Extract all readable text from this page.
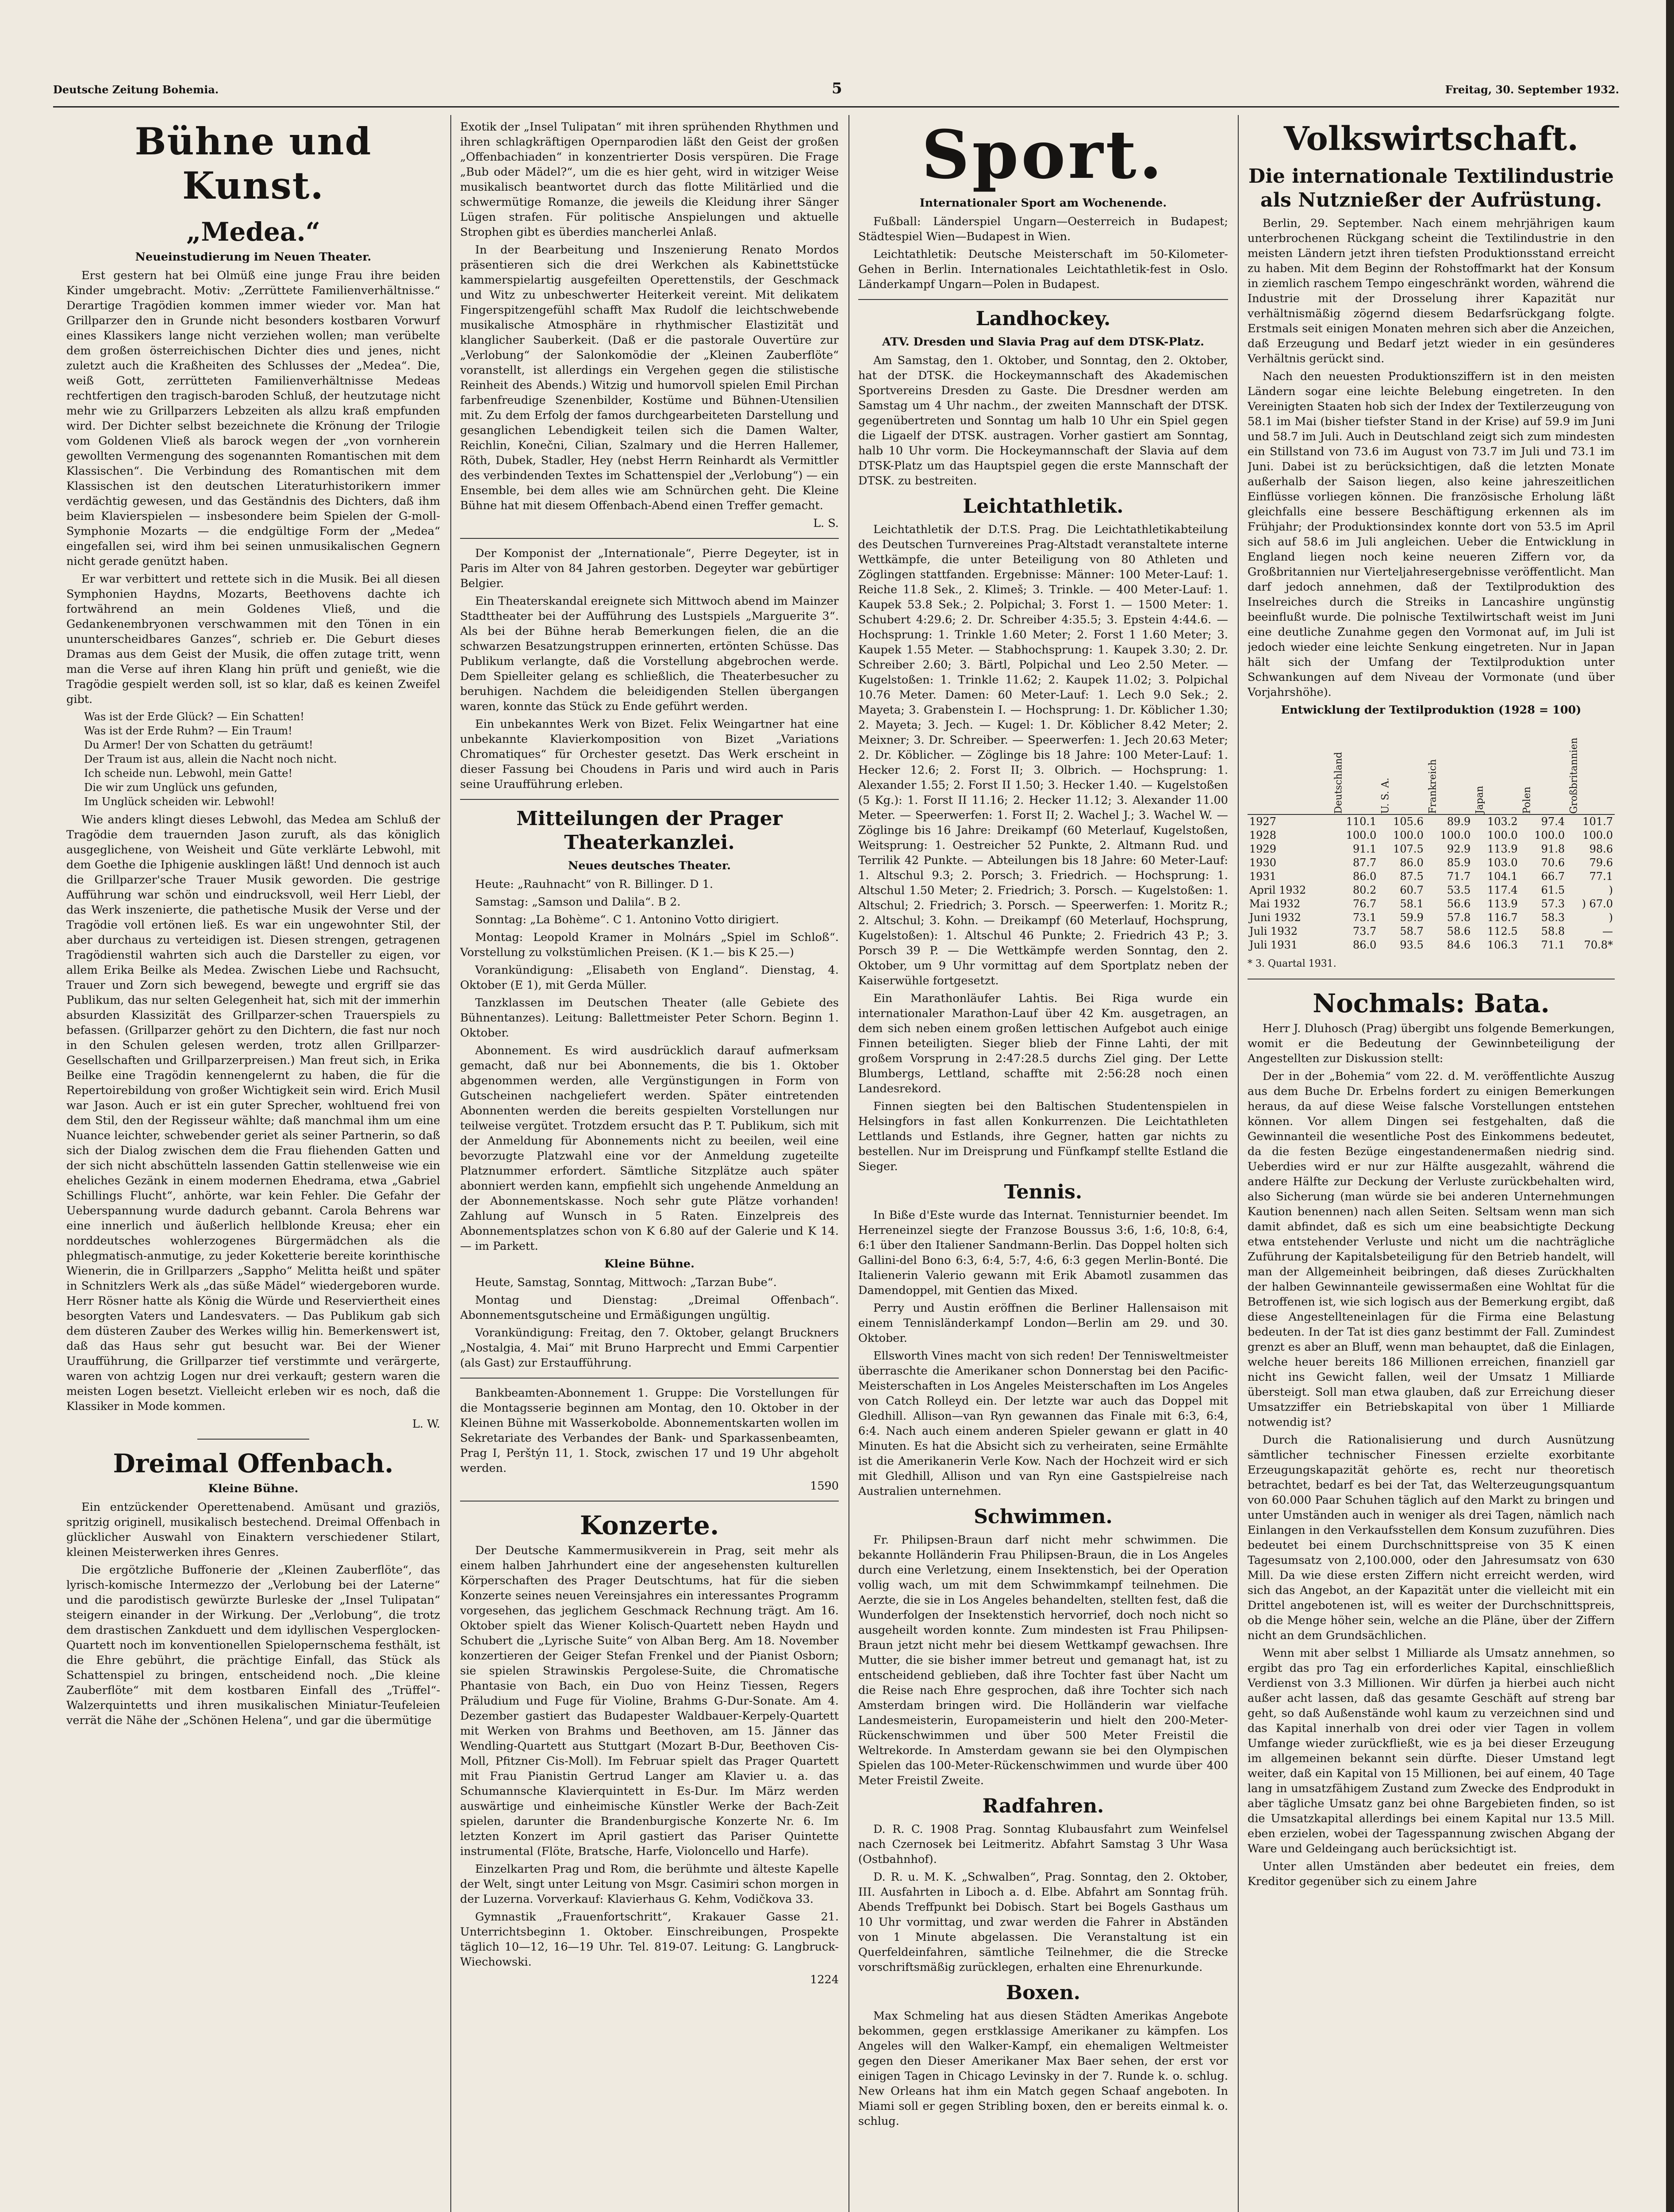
Deutsche Zeitung Bohemia.	5	Freitag, 30. September 1932.
Bühne und Kunst.
„Medea.“
Neueinstudierung im Neuen Theater.

Erst gestern hat bei Olmüß eine junge Frau ihre beiden Kinder umgebracht. Motiv: „Zerrüttete Familienverhältnisse.“ Derartige Tragödien kommen immer wieder vor. Man hat Grillparzer den in Grunde nicht besonders kostbaren Vorwurf eines Klassikers lange nicht verziehen wollen; man verübelte dem großen österreichischen Dichter dies und jenes, nicht zuletzt auch die Kraßheiten des Schlusses der „Medea“. Die, weiß Gott, zerrütteten Familienverhältnisse Medeas rechtfertigen den tragisch-baroden Schluß, der heutzutage nicht mehr wie zu Grillparzers Lebzeiten als allzu kraß empfunden wird. Der Dichter selbst bezeichnete die Krönung der Trilogie vom Goldenen Vließ als barock wegen der „von vornherein gewollten Vermengung des sogenannten Romantischen mit dem Klassischen“. Die Verbindung des Romantischen mit dem Klassischen ist den deutschen Literaturhistorikern immer verdächtig gewesen, und das Geständnis des Dichters, daß ihm beim Klavierspielen — insbesondere beim Spielen der G-moll-Symphonie Mozarts — die endgültige Form der „Medea“ eingefallen sei, wird ihm bei seinen unmusikalischen Gegnern nicht gerade genützt haben.

Er war verbittert und rettete sich in die Musik. Bei all diesen Symphonien Haydns, Mozarts, Beethovens dachte ich fortwährend an mein Goldenes Vließ, und die Gedankenembryonen verschwammen mit den Tönen in ein ununterscheidbares Ganzes“, schrieb er. Die Geburt dieses Dramas aus dem Geist der Musik, die offen zutage tritt, wenn man die Verse auf ihren Klang hin prüft und genießt, wie die Tragödie gespielt werden soll, ist so klar, daß es keinen Zweifel gibt.

Was ist der Erde Glück? — Ein Schatten!
Was ist der Erde Ruhm? — Ein Traum!
Du Armer! Der von Schatten du geträumt!
Der Traum ist aus, allein die Nacht noch nicht.
Ich scheide nun. Lebwohl, mein Gatte!
Die wir zum Unglück uns gefunden,
Im Unglück scheiden wir. Lebwohl!

Wie anders klingt dieses Lebwohl, das Medea am Schluß der Tragödie dem trauernden Jason zuruft, als das königlich ausgeglichene, von Weisheit und Güte verklärte Lebwohl, mit dem Goethe die Iphigenie ausklingen läßt! Und dennoch ist auch die Grillparzer'sche Trauer Musik geworden. Die gestrige Aufführung war schön und eindrucksvoll, weil Herr Liebl, der das Werk inszenierte, die pathetische Musik der Verse und der Tragödie voll ertönen ließ. Es war ein ungewohnter Stil, der aber durchaus zu verteidigen ist. Diesen strengen, getragenen Tragödienstil wahrten sich auch die Darsteller zu eigen, vor allem Erika Beilke als Medea. Zwischen Liebe und Rachsucht, Trauer und Zorn sich bewegend, bewegte und ergriff sie das Publikum, das nur selten Gelegenheit hat, sich mit der immerhin absurden Klassizität des Grillparzer-schen Trauerspiels zu befassen. (Grillparzer gehört zu den Dichtern, die fast nur noch in den Schulen gelesen werden, trotz allen Grillparzer-Gesellschaften und Grillparzerpreisen.) Man freut sich, in Erika Beilke eine Tragödin kennengelernt zu haben, die für die Repertoirebildung von großer Wichtigkeit sein wird. Erich Musil war Jason. Auch er ist ein guter Sprecher, wohltuend frei von dem Stil, den der Regisseur wählte; daß manchmal ihm um eine Nuance leichter, schwebender geriet als seiner Partnerin, so daß sich der Dialog zwischen dem die Frau fliehenden Gatten und der sich nicht abschütteln lassenden Gattin stellenweise wie ein eheliches Gezänk in einem modernen Ehedrama, etwa „Gabriel Schillings Flucht“, anhörte, war kein Fehler. Die Gefahr der Ueberspannung wurde dadurch gebannt. Carola Behrens war eine innerlich und äußerlich hellblonde Kreusa; eher ein norddeutsches wohlerzogenes Bürgermädchen als die phlegmatisch-anmutige, zu jeder Koketterie bereite korinthische Wienerin, die in Grillparzers „Sappho“ Melitta heißt und später in Schnitzlers Werk als „das süße Mädel“ wiedergeboren wurde. Herr Rösner hatte als König die Würde und Reserviertheit eines besorgten Vaters und Landesvaters. — Das Publikum gab sich dem düsteren Zauber des Werkes willig hin. Bemerkenswert ist, daß das Haus sehr gut besucht war. Bei der Wiener Uraufführung, die Grillparzer tief verstimmte und verärgerte, waren von achtzig Logen nur drei verkauft; gestern waren die meisten Logen besetzt. Vielleicht erleben wir es noch, daß die Klassiker in Mode kommen.

L. W.
Dreimal Offenbach.
Kleine Bühne.

Ein entzückender Operettenabend. Amüsant und graziös, spritzig originell, musikalisch bestechend. Dreimal Offenbach in glücklicher Auswahl von Einaktern verschiedener Stilart, kleinen Meisterwerken ihres Genres.

Die ergötzliche Buffonerie der „Kleinen Zauberflöte“, das lyrisch-komische Intermezzo der „Verlobung bei der Laterne“ und die parodistisch gewürzte Burleske der „Insel Tulipatan“ steigern einander in der Wirkung. Der „Verlobung“, die trotz dem drastischen Zankduett und dem idyllischen Vesperglocken-Quartett noch im konventionellen Spielopernschema festhält, ist die Ehre gebührt, die prächtige Einfall, das Stück als Schattenspiel zu bringen, entscheidend noch. „Die kleine Zauberflöte“ mit dem kostbaren Einfall des „Trüffel“-Walzerquintetts und ihren musikalischen Miniatur-Teufeleien verrät die Nähe der „Schönen Helena“, und gar die übermütige

Exotik der „Insel Tulipatan“ mit ihren sprühenden Rhythmen und ihren schlagkräftigen Opernparodien läßt den Geist der großen „Offenbachiaden“ in konzentrierter Dosis verspüren. Die Frage „Bub oder Mädel?“, um die es hier geht, wird in witziger Weise musikalisch beantwortet durch das flotte Militärlied und die schwermütige Romanze, die jeweils die Kleidung ihrer Sänger Lügen strafen. Für politische Anspielungen und aktuelle Strophen gibt es überdies mancherlei Anlaß.

In der Bearbeitung und Inszenierung Renato Mordos präsentieren sich die drei Werkchen als Kabinettstücke kammerspielartig ausgefeilten Operettenstils, der Geschmack und Witz zu unbeschwerter Heiterkeit vereint. Mit delikatem Fingerspitzengefühl schafft Max Rudolf die leichtschwebende musikalische Atmosphäre in rhythmischer Elastizität und klanglicher Sauberkeit. (Daß er die pastorale Ouvertüre zur „Verlobung“ der Salonkomödie der „Kleinen Zauberflöte“ voranstellt, ist allerdings ein Vergehen gegen die stilistische Reinheit des Abends.) Witzig und humorvoll spielen Emil Pirchan farbenfreudige Szenenbilder, Kostüme und Bühnen-Utensilien mit. Zu dem Erfolg der famos durchgearbeiteten Darstellung und gesanglichen Lebendigkeit teilen sich die Damen Walter, Reichlin, Konečni, Cilian, Szalmary und die Herren Hallemer, Röth, Dubek, Stadler, Hey (nebst Herrn Reinhardt als Vermittler des verbindenden Textes im Schattenspiel der „Verlobung“) — ein Ensemble, bei dem alles wie am Schnürchen geht. Die Kleine Bühne hat mit diesem Offenbach-Abend einen Treffer gemacht.

L. S.

Der Komponist der „Internationale“, Pierre Degeyter, ist in Paris im Alter von 84 Jahren gestorben. Degeyter war gebürtiger Belgier.

Ein Theaterskandal ereignete sich Mittwoch abend im Mainzer Stadttheater bei der Aufführung des Lustspiels „Marguerite 3“. Als bei der Bühne herab Bemerkungen fielen, die an die schwarzen Besatzungstruppen erinnerten, ertönten Schüsse. Das Publikum verlangte, daß die Vorstellung abgebrochen werde. Dem Spielleiter gelang es schließlich, die Theaterbesucher zu beruhigen. Nachdem die beleidigenden Stellen übergangen waren, konnte das Stück zu Ende geführt werden.

Ein unbekanntes Werk von Bizet. Felix Weingartner hat eine unbekannte Klavierkomposition von Bizet „Variations Chromatiques“ für Orchester gesetzt. Das Werk erscheint in dieser Fassung bei Choudens in Paris und wird auch in Paris seine Uraufführung erleben.

Mitteilungen der Prager Theaterkanzlei.
Neues deutsches Theater.

Heute: „Rauhnacht“ von R. Billinger. D 1.

Samstag: „Samson und Dalila“. B 2.

Sonntag: „La Bohème“. C 1. Antonino Votto dirigiert.

Montag: Leopold Kramer in Molnárs „Spiel im Schloß“. Vorstellung zu volkstümlichen Preisen. (K 1.— bis K 25.—)

Vorankündigung: „Elisabeth von England“. Dienstag, 4. Oktober (E 1), mit Gerda Müller.

Tanzklassen im Deutschen Theater (alle Gebiete des Bühnentanzes). Leitung: Ballettmeister Peter Schorn. Beginn 1. Oktober.

Abonnement. Es wird ausdrücklich darauf aufmerksam gemacht, daß nur bei Abonnements, die bis 1. Oktober abgenommen werden, alle Vergünstigungen in Form von Gutscheinen nachgeliefert werden. Später eintretenden Abonnenten werden die bereits gespielten Vorstellungen nur teilweise vergütet. Trotzdem ersucht das P. T. Publikum, sich mit der Anmeldung für Abonnements nicht zu beeilen, weil eine bevorzugte Platzwahl eine vor der Anmeldung zugeteilte Platznummer erfordert. Sämtliche Sitzplätze auch später abonniert werden kann, empfiehlt sich ungehende Anmeldung an der Abonnementskasse. Noch sehr gute Plätze vorhanden! Zahlung auf Wunsch in 5 Raten. Einzelpreis des Abonnementsplatzes schon von K 6.80 auf der Galerie und K 14.— im Parkett.

Kleine Bühne.

Heute, Samstag, Sonntag, Mittwoch: „Tarzan Bube“.

Montag und Dienstag: „Dreimal Offenbach“. Abonnementsgutscheine und Ermäßigungen ungültig.

Vorankündigung: Freitag, den 7. Oktober, gelangt Bruckners „Nostalgia, 4. Mai“ mit Bruno Harprecht und Emmi Carpentier (als Gast) zur Erstaufführung.

Bankbeamten-Abonnement 1. Gruppe: Die Vorstellungen für die Montagsserie beginnen am Montag, den 10. Oktober in der Kleinen Bühne mit Wasserkobolde. Abonnementskarten wollen im Sekretariate des Verbandes der Bank- und Sparkassenbeamten, Prag I, Perštýn 11, 1. Stock, zwischen 17 und 19 Uhr abgeholt werden.

1590
Konzerte.

Der Deutsche Kammermusikverein in Prag, seit mehr als einem halben Jahrhundert eine der angesehensten kulturellen Körperschaften des Prager Deutschtums, hat für die sieben Konzerte seines neuen Vereinsjahres ein interessantes Programm vorgesehen, das jeglichem Geschmack Rechnung trägt. Am 16. Oktober spielt das Wiener Kolisch-Quartett neben Haydn und Schubert die „Lyrische Suite“ von Alban Berg. Am 18. November konzertieren der Geiger Stefan Frenkel und der Pianist Osborn; sie spielen Strawinskis Pergolese-Suite, die Chromatische Phantasie von Bach, ein Duo von Heinz Tiessen, Regers Präludium und Fuge für Violine, Brahms G-Dur-Sonate. Am 4. Dezember gastiert das Budapester Waldbauer-Kerpely-Quartett mit Werken von Brahms und Beethoven, am 15. Jänner das Wendling-Quartett aus Stuttgart (Mozart B-Dur, Beethoven Cis-Moll, Pfitzner Cis-Moll). Im Februar spielt das Prager Quartett mit Frau Pianistin Gertrud Langer am Klavier u. a. das Schumannsche Klavierquintett in Es-Dur. Im März werden auswärtige und einheimische Künstler Werke der Bach-Zeit spielen, darunter die Brandenburgische Konzerte Nr. 6. Im letzten Konzert im April gastiert das Pariser Quintette instrumental (Flöte, Bratsche, Harfe, Violoncello und Harfe).

Einzelkarten Prag und Rom, die berühmte und älteste Kapelle der Welt, singt unter Leitung von Msgr. Casimiri schon morgen in der Luzerna. Vorverkauf: Klavierhaus G. Kehm, Vodičkova 33.

Gymnastik „Frauenfortschritt“, Krakauer Gasse 21. Unterrichtsbeginn 1. Oktober. Einschreibungen, Prospekte täglich 10—12, 16—19 Uhr. Tel. 819-07. Leitung: G. Langbruck-Wiechowski.

1224
Sport.
Internationaler Sport am Wochenende.

Fußball: Länderspiel Ungarn—Oesterreich in Budapest; Städtespiel Wien—Budapest in Wien.

Leichtathletik: Deutsche Meisterschaft im 50-Kilometer-Gehen in Berlin. Internationales Leichtathletik-fest in Oslo. Länderkampf Ungarn—Polen in Budapest.

Landhockey.
ATV. Dresden und Slavia Prag auf dem DTSK-Platz.

Am Samstag, den 1. Oktober, und Sonntag, den 2. Oktober, hat der DTSK. die Hockeymannschaft des Akademischen Sportvereins Dresden zu Gaste. Die Dresdner werden am Samstag um 4 Uhr nachm., der zweiten Mannschaft der DTSK. gegenübertreten und Sonntag um halb 10 Uhr ein Spiel gegen die Ligaelf der DTSK. austragen. Vorher gastiert am Sonntag, halb 10 Uhr vorm. Die Hockeymannschaft der Slavia auf dem DTSK-Platz um das Hauptspiel gegen die erste Mannschaft der DTSK. zu bestreiten.

Leichtathletik.

Leichtathletik der D.T.S. Prag. Die Leichtathletikabteilung des Deutschen Turnvereines Prag-Altstadt veranstaltete interne Wettkämpfe, die unter Beteiligung von 80 Athleten und Zöglingen stattfanden. Ergebnisse: Männer: 100 Meter-Lauf: 1. Reiche 11.8 Sek., 2. Klimeš; 3. Trinkle. — 400 Meter-Lauf: 1. Kaupek 53.8 Sek.; 2. Polpichal; 3. Forst 1. — 1500 Meter: 1. Schubert 4:29.6; 2. Dr. Schreiber 4:35.5; 3. Epstein 4:44.6. — Hochsprung: 1. Trinkle 1.60 Meter; 2. Forst 1 1.60 Meter; 3. Kaupek 1.55 Meter. — Stabhochsprung: 1. Kaupek 3.30; 2. Dr. Schreiber 2.60; 3. Bärtl, Polpichal und Leo 2.50 Meter. — Kugelstoßen: 1. Trinkle 11.62; 2. Kaupek 11.02; 3. Polpichal 10.76 Meter. Damen: 60 Meter-Lauf: 1. Lech 9.0 Sek.; 2. Mayeta; 3. Grabenstein I. — Hochsprung: 1. Dr. Köblicher 1.30; 2. Mayeta; 3. Jech. — Kugel: 1. Dr. Köblicher 8.42 Meter; 2. Meixner; 3. Dr. Schreiber. — Speerwerfen: 1. Jech 20.63 Meter; 2. Dr. Köblicher. — Zöglinge bis 18 Jahre: 100 Meter-Lauf: 1. Hecker 12.6; 2. Forst II; 3. Olbrich. — Hochsprung: 1. Alexander 1.55; 2. Forst II 1.50; 3. Hecker 1.40. — Kugelstoßen (5 Kg.): 1. Forst II 11.16; 2. Hecker 11.12; 3. Alexander 11.00 Meter. — Speerwerfen: 1. Forst II; 2. Wachel J.; 3. Wachel W. — Zöglinge bis 16 Jahre: Dreikampf (60 Meterlauf, Kugelstoßen, Weitsprung: 1. Oestreicher 52 Punkte, 2. Altmann Rud. und Terrilik 42 Punkte. — Abteilungen bis 18 Jahre: 60 Meter-Lauf: 1. Altschul 9.3; 2. Porsch; 3. Friedrich. — Hochsprung: 1. Altschul 1.50 Meter; 2. Friedrich; 3. Porsch. — Kugelstoßen: 1. Altschul; 2. Friedrich; 3. Porsch. — Speerwerfen: 1. Moritz R.; 2. Altschul; 3. Kohn. — Dreikampf (60 Meterlauf, Hochsprung, Kugelstoßen): 1. Altschul 46 Punkte; 2. Friedrich 43 P.; 3. Porsch 39 P. — Die Wettkämpfe werden Sonntag, den 2. Oktober, um 9 Uhr vormittag auf dem Sportplatz neben der Kaiserwühle fortgesetzt.

Ein Marathonläufer Lahtis. Bei Riga wurde ein internationaler Marathon-Lauf über 42 Km. ausgetragen, an dem sich neben einem großen lettischen Aufgebot auch einige Finnen beteiligten. Sieger blieb der Finne Lahti, der mit großem Vorsprung in 2:47:28.5 durchs Ziel ging. Der Lette Blumbergs, Lettland, schaffte mit 2:56:28 noch einen Landesrekord.

Finnen siegten bei den Baltischen Studentenspielen in Helsingfors in fast allen Konkurrenzen. Die Leichtathleten Lettlands und Estlands, ihre Gegner, hatten gar nichts zu bestellen. Nur im Dreisprung und Fünfkampf stellte Estland die Sieger.

Tennis.

In Biße d'Este wurde das Internat. Tennisturnier beendet. Im Herreneinzel siegte der Franzose Boussus 3:6, 1:6, 10:8, 6:4, 6:1 über den Italiener Sandmann-Berlin. Das Doppel holten sich Gallini-del Bono 6:3, 6:4, 5:7, 4:6, 6:3 gegen Merlin-Bonté. Die Italienerin Valerio gewann mit Erik Abamotl zusammen das Damendoppel, mit Gentien das Mixed.

Perry und Austin eröffnen die Berliner Hallensaison mit einem Tennisländerkampf London—Berlin am 29. und 30. Oktober.

Ellsworth Vines macht von sich reden! Der Tennisweltmeister überraschte die Amerikaner schon Donnerstag bei den Pacific-Meisterschaften in Los Angeles Meisterschaften im Los Angeles von Catch Rolleyd ein. Der letzte war auch das Doppel mit Gledhill. Allison—van Ryn gewannen das Finale mit 6:3, 6:4, 6:4. Nach auch einem anderen Spieler gewann er glatt in 40 Minuten. Es hat die Absicht sich zu verheiraten, seine Ermählte ist die Amerikanerin Verle Kow. Nach der Hochzeit wird er sich mit Gledhill, Allison und van Ryn eine Gastspielreise nach Australien unternehmen.

Schwimmen.

Fr. Philipsen-Braun darf nicht mehr schwimmen. Die bekannte Holländerin Frau Philipsen-Braun, die in Los Angeles durch eine Verletzung, einem Insektenstich, bei der Operation vollig wach, um mit dem Schwimmkampf teilnehmen. Die Aerzte, die sie in Los Angeles behandelten, stellten fest, daß die Wunderfolgen der Insektenstich hervorrief, doch noch nicht so ausgeheilt worden konnte. Zum mindesten ist Frau Philipsen-Braun jetzt nicht mehr bei diesem Wettkampf gewachsen. Ihre Mutter, die sie bisher immer betreut und gemanagt hat, ist zu entscheidend geblieben, daß ihre Tochter fast über Nacht um die Reise nach Ehre gesprochen, daß ihre Tochter sich nach Amsterdam bringen wird. Die Holländerin war vielfache Landesmeisterin, Europameisterin und hielt den 200-Meter-Rückenschwimmen und über 500 Meter Freistil die Weltrekorde. In Amsterdam gewann sie bei den Olympischen Spielen das 100-Meter-Rückenschwimmen und wurde über 400 Meter Freistil Zweite.

Radfahren.

D. R. C. 1908 Prag. Sonntag Klubausfahrt zum Weinfelsel nach Czernosek bei Leitmeritz. Abfahrt Samstag 3 Uhr Wasa (Ostbahnhof).

D. R. u. M. K. „Schwalben“, Prag. Sonntag, den 2. Oktober, III. Ausfahrten in Liboch a. d. Elbe. Abfahrt am Sonntag früh. Abends Treffpunkt bei Dobisch. Start bei Bogels Gasthaus um 10 Uhr vormittag, und zwar werden die Fahrer in Abständen von 1 Minute abgelassen. Die Veranstaltung ist ein Querfeldeinfahren, sämtliche Teilnehmer, die die Strecke vorschriftsmäßig zurücklegen, erhalten eine Ehrenurkunde.

Boxen.

Max Schmeling hat aus diesen Städten Amerikas Angebote bekommen, gegen erstklassige Amerikaner zu kämpfen. Los Angeles will den Walker-Kampf, ein ehemaligen Weltmeister gegen den Dieser Amerikaner Max Baer sehen, der erst vor einigen Tagen in Chicago Levinsky in der 7. Runde k. o. schlug. New Orleans hat ihm ein Match gegen Schaaf angeboten. In Miami soll er gegen Stribling boxen, den er bereits einmal k. o. schlug.

Volkswirtschaft.
Die internationale Textilindustrie als Nutznießer der Aufrüstung.

Berlin, 29. September. Nach einem mehrjährigen kaum unterbrochenen Rückgang scheint die Textilindustrie in den meisten Ländern jetzt ihren tiefsten Produktionsstand erreicht zu haben. Mit dem Beginn der Rohstoffmarkt hat der Konsum in ziemlich raschem Tempo eingeschränkt worden, während die Industrie mit der Drosselung ihrer Kapazität nur verhältnismäßig zögernd diesem Bedarfsrückgang folgte. Erstmals seit einigen Monaten mehren sich aber die Anzeichen, daß Erzeugung und Bedarf jetzt wieder in ein gesünderes Verhältnis gerückt sind.

Nach den neuesten Produktionsziffern ist in den meisten Ländern sogar eine leichte Belebung eingetreten. In den Vereinigten Staaten hob sich der Index der Textilerzeugung von 58.1 im Mai (bisher tiefster Stand in der Krise) auf 59.9 im Juni und 58.7 im Juli. Auch in Deutschland zeigt sich zum mindesten ein Stillstand von 73.6 im August von 73.7 im Juli und 73.1 im Juni. Dabei ist zu berücksichtigen, daß die letzten Monate außerhalb der Saison liegen, also keine jahreszeitlichen Einflüsse vorliegen können. Die französische Erholung läßt gleichfalls eine bessere Beschäftigung erkennen als im Frühjahr; der Produktionsindex konnte dort von 53.5 im April sich auf 58.6 im Juli angleichen. Ueber die Entwicklung in England liegen noch keine neueren Ziffern vor, da Großbritannien nur Vierteljahresergebnisse veröffentlicht. Man darf jedoch annehmen, daß der Textilproduktion des Inselreiches durch die Streiks in Lancashire ungünstig beeinflußt wurde. Die polnische Textilwirtschaft weist im Juni eine deutliche Zunahme gegen den Vormonat auf, im Juli ist jedoch wieder eine leichte Senkung eingetreten. Nur in Japan hält sich der Umfang der Textilproduktion unter Schwankungen auf dem Niveau der Vormonate (und über Vorjahrshöhe).

Entwicklung der Textilproduktion (1928 = 100)
	Deutschland	U. S. A.	Frankreich	Japan	Polen	Großbritannien
1927	110.1	105.6	89.9	103.2	97.4	101.7
1928	100.0	100.0	100.0	100.0	100.0	100.0
1929	91.1	107.5	92.9	113.9	91.8	98.6
1930	87.7	86.0	85.9	103.0	70.6	79.6
1931	86.0	87.5	71.7	104.1	66.7	77.1
April 1932	80.2	60.7	53.5	117.4	61.5	)
Mai 1932	76.7	58.1	56.6	113.9	57.3	) 67.0
Juni 1932	73.1	59.9	57.8	116.7	58.3	)
Juli 1932	73.7	58.7	58.6	112.5	58.8	—
Juli 1931	86.0	93.5	84.6	106.3	71.1	70.8*
* 3. Quartal 1931.
Nochmals: Bata.

Herr J. Dluhosch (Prag) übergibt uns folgende Bemerkungen, womit er die Bedeutung der Gewinnbeteiligung der Angestellten zur Diskussion stellt:

Der in der „Bohemia“ vom 22. d. M. veröffentlichte Auszug aus dem Buche Dr. Erbelns fordert zu einigen Bemerkungen heraus, da auf diese Weise falsche Vorstellungen entstehen können. Vor allem Dingen sei festgehalten, daß die Gewinnanteil die wesentliche Post des Einkommens bedeutet, da die festen Bezüge eingestandenermaßen niedrig sind. Ueberdies wird er nur zur Hälfte ausgezahlt, während die andere Hälfte zur Deckung der Verluste zurückbehalten wird, also Sicherung (man würde sie bei anderen Unternehmungen Kaution benennen) nach allen Seiten. Seltsam wenn man sich damit abfindet, daß es sich um eine beabsichtigte Deckung etwa entstehender Verluste und nicht um die nachträgliche Zuführung der Kapitalsbeteiligung für den Betrieb handelt, will man der Allgemeinheit beibringen, daß dieses Zurückhalten der halben Gewinnanteile gewissermaßen eine Wohltat für die Betroffenen ist, wie sich logisch aus der Bemerkung ergibt, daß diese Angestellteneinlagen für die Firma eine Belastung bedeuten. In der Tat ist dies ganz bestimmt der Fall. Zumindest grenzt es aber an Bluff, wenn man behauptet, daß die Einlagen, welche heuer bereits 186 Millionen erreichen, finanziell gar nicht ins Gewicht fallen, weil der Umsatz 1 Milliarde übersteigt. Soll man etwa glauben, daß zur Erreichung dieser Umsatzziffer ein Betriebskapital von über 1 Milliarde notwendig ist?

Durch die Rationalisierung und durch Ausnützung sämtlicher technischer Finessen erzielte exorbitante Erzeugungskapazität gehörte es, recht nur theoretisch betrachtet, bedarf es bei der Tat, das Welterzeugungsquantum von 60.000 Paar Schuhen täglich auf den Markt zu bringen und unter Umständen auch in weniger als drei Tagen, nämlich nach Einlangen in den Verkaufsstellen dem Konsum zuzuführen. Dies bedeutet bei einem Durchschnittspreise von 35 K einen Tagesumsatz von 2,100.000, oder den Jahresumsatz von 630 Mill. Da wie diese ersten Ziffern nicht erreicht werden, wird sich das Angebot, an der Kapazität unter die vielleicht mit ein Drittel angebotenen ist, will es weiter der Durchschnittspreis, ob die Menge höher sein, welche an die Pläne, über der Ziffern nicht an dem Grundsächlichen.

Wenn mit aber selbst 1 Milliarde als Umsatz annehmen, so ergibt das pro Tag ein erforderliches Kapital, einschließlich Verdienst von 3.3 Millionen. Wir dürfen ja hierbei auch nicht außer acht lassen, daß das gesamte Geschäft auf streng bar geht, so daß Außenstände wohl kaum zu verzeichnen sind und das Kapital innerhalb von drei oder vier Tagen in vollem Umfange wieder zurückfließt, wie es ja bei dieser Erzeugung im allgemeinen bekannt sein dürfte. Dieser Umstand legt weiter, daß ein Kapital von 15 Millionen, bei auf einem, 40 Tage lang in umsatzfähigem Zustand zum Zwecke des Endprodukt in aber tägliche Umsatz ganz bei ohne Bargebieten finden, so ist die Umsatzkapital allerdings bei einem Kapital nur 13.5 Mill. eben erzielen, wobei der Tagesspannung zwischen Abgang der Ware und Geldeingang auch berücksichtigt ist.

Unter allen Umständen aber bedeutet ein freies, dem Kreditor gegenüber sich zu einem Jahre
